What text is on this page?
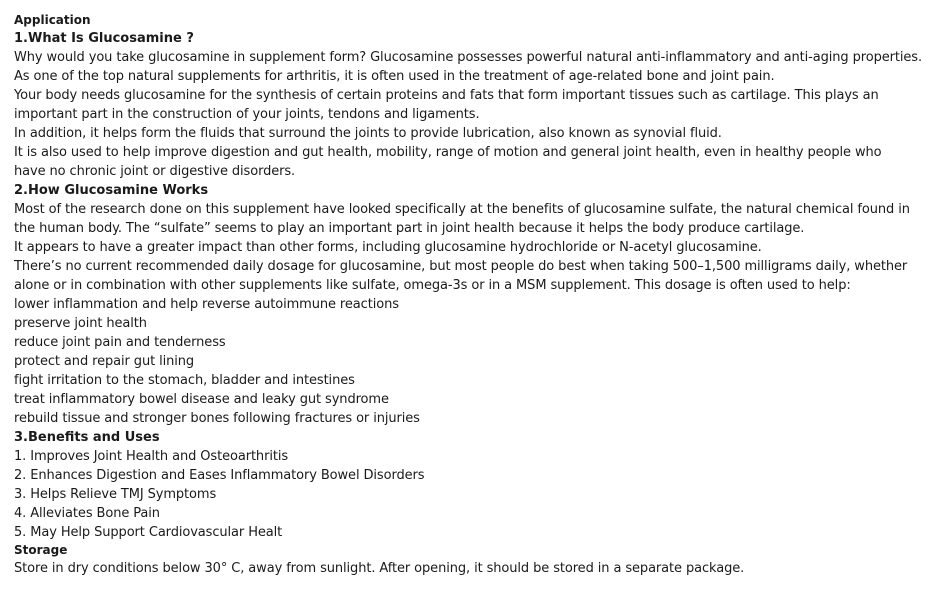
Application
1.What Is Glucosamine ?
Why would you take glucosamine in supplement form? Glucosamine possesses powerful natural anti-inflammatory and anti-aging properties.
As one of the top natural supplements for arthritis, it is often used in the treatment of age-related bone and joint pain.
Your body needs glucosamine for the synthesis of certain proteins and fats that form important tissues such as cartilage. This plays an important part in the construction of your joints, tendons and ligaments.
In addition, it helps form the fluids that surround the joints to provide lubrication, also known as synovial fluid.
It is also used to help improve digestion and gut health, mobility, range of motion and general joint health, even in healthy people who have no chronic joint or digestive disorders.
2.How Glucosamine Works
Most of the research done on this supplement have looked specifically at the benefits of glucosamine sulfate, the natural chemical found in the human body. The “sulfate” seems to play an important part in joint health because it helps the body produce cartilage.
It appears to have a greater impact than other forms, including glucosamine hydrochloride or N-acetyl glucosamine.
There’s no current recommended daily dosage for glucosamine, but most people do best when taking 500–1,500 milligrams daily, whether alone or in combination with other supplements like sulfate, omega-3s or in a MSM supplement. This dosage is often used to help:
lower inflammation and help reverse autoimmune reactions
preserve joint health
reduce joint pain and tenderness
protect and repair gut lining
fight irritation to the stomach, bladder and intestines
treat inflammatory bowel disease and leaky gut syndrome
rebuild tissue and stronger bones following fractures or injuries
3.Benefits and Uses
1. Improves Joint Health and Osteoarthritis
2. Enhances Digestion and Eases Inflammatory Bowel Disorders
3. Helps Relieve TMJ Symptoms
4. Alleviates Bone Pain
5. May Help Support Cardiovascular Healt
Storage
Store in dry conditions below 30° C, away from sunlight. After opening, it should be stored in a separate package.
